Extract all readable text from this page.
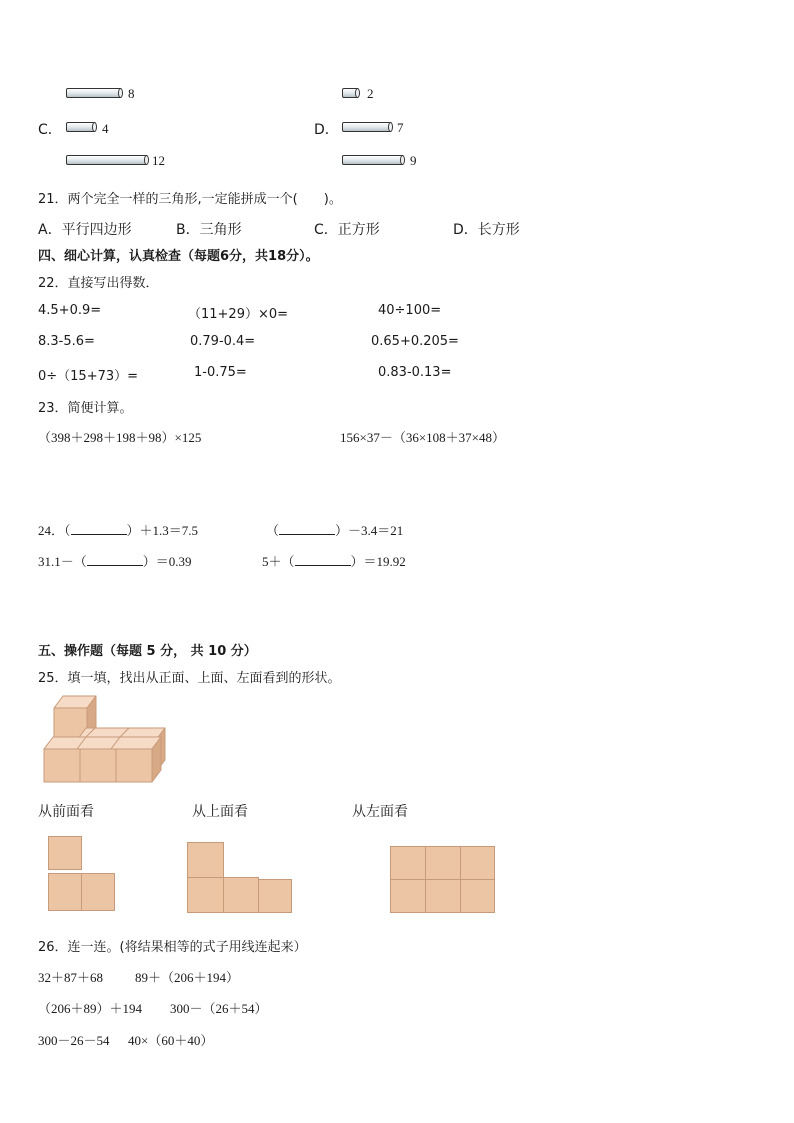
8	2
C．	4	D．	7
12	9
21．两个完全一样的三角形,一定能拼成一个(　　)。
A．平行四边形	B．三角形	C．正方形	D．长方形
四、细心计算，认真检查（每题6分，共18分）。
22．直接写出得数．
4.5+0.9=	（11+29）×0=	40÷100=
8.3-5.6=	0.79-0.4=	0.65+0.205=
0÷（15+73）=	1-0.75=	0.83-0.13=
23．简便计算。
（398＋298＋198＋98）×125	156×37－（36×108＋37×48）
24．（	）＋1.3＝7.5	（	）－3.4＝21
31.1－（	）＝0.39	5＋（	）＝19.92
五、操作题（每题 5 分， 共 10 分）
25．填一填，找出从正面、上面、左面看到的形状。
从前面看	从上面看	从左面看
26．连一连。(将结果相等的式子用线连起来）
32＋87＋68 89＋（206＋194）
（206＋89）＋194 300－（26＋54）
300－26－54 40×（60＋40）
